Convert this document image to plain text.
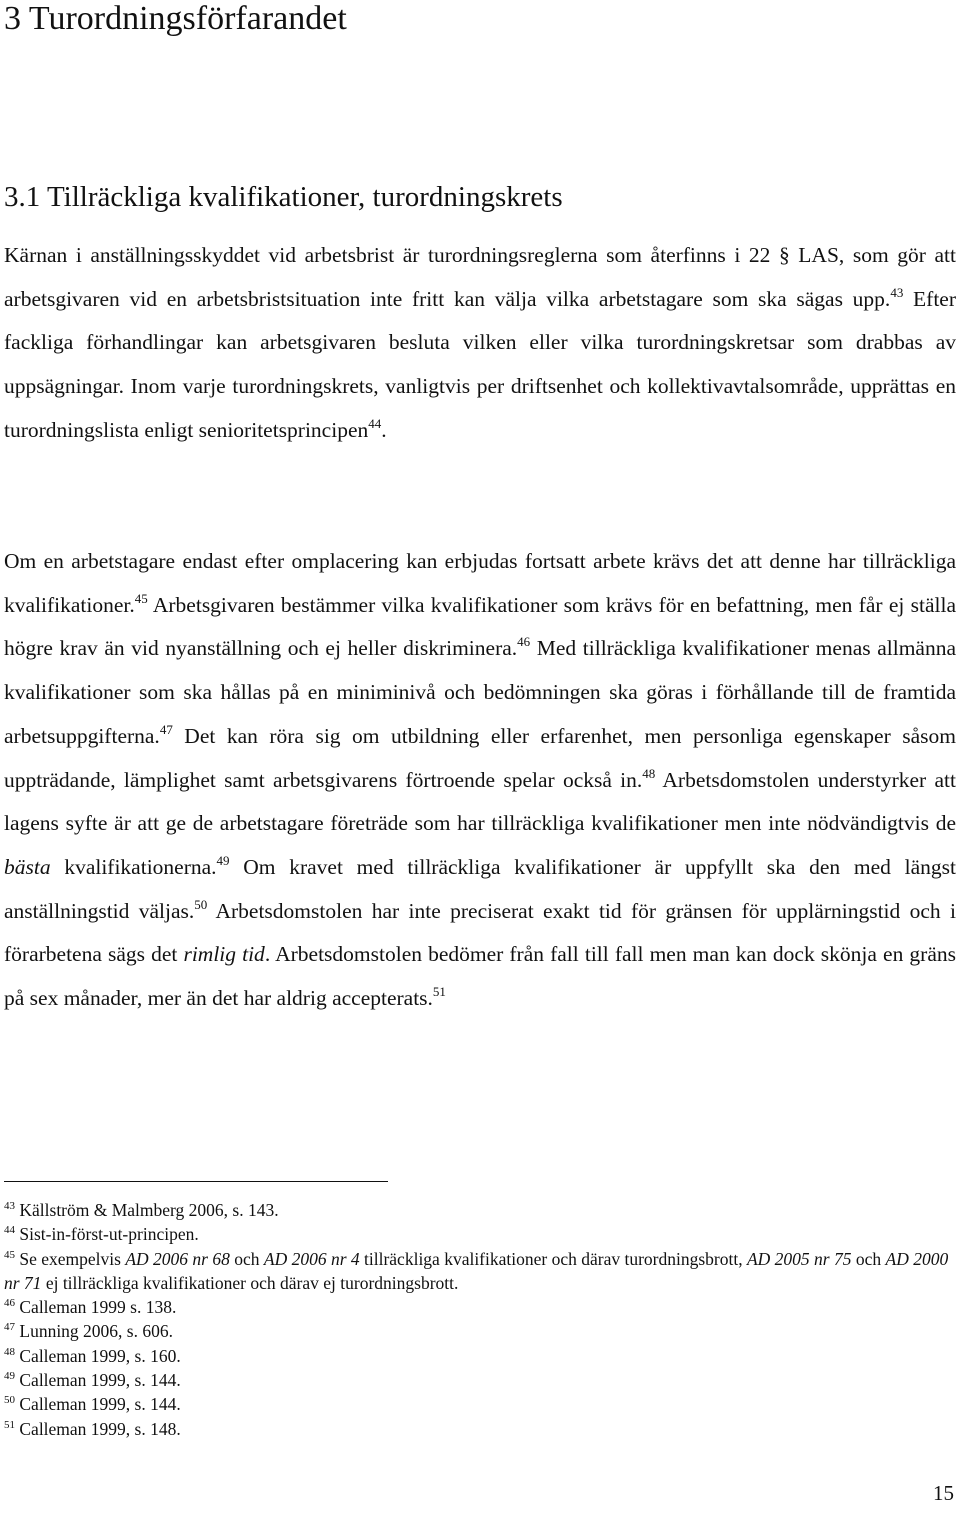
3 Turordningsförfarandet
3.1 Tillräckliga kvalifikationer, turordningskrets

Kärnan i anställningsskyddet vid arbetsbrist är turordningsreglerna som återfinns i 22 § LAS, som gör att arbetsgivaren vid en arbetsbristsituation inte fritt kan välja vilka arbetstagare som ska sägas upp.$^{43}$ Efter fackliga förhandlingar kan arbetsgivaren besluta vilken eller vilka turordningskretsar som drabbas av uppsägningar. Inom varje turordningskrets, vanligtvis per driftsenhet och kollektivavtalsområde, upprättas en turordningslista enligt senioritetsprincipen$^{44}$.

Om en arbetstagare endast efter omplacering kan erbjudas fortsatt arbete krävs det att denne har tillräckliga kvalifikationer.$^{45}$ Arbetsgivaren bestämmer vilka kvalifikationer som krävs för en befattning, men får ej ställa högre krav än vid nyanställning och ej heller diskriminera.$^{46}$ Med tillräckliga kvalifikationer menas allmänna kvalifikationer som ska hållas på en miniminivå och bedömningen ska göras i förhållande till de framtida arbetsuppgifterna.$^{47}$ Det kan röra sig om utbildning eller erfarenhet, men personliga egenskaper såsom uppträdande, lämplighet samt arbetsgivarens förtroende spelar också in.$^{48}$ Arbetsdomstolen understyrker att lagens syfte är att ge de arbetstagare företräde som har tillräckliga kvalifikationer men inte nödvändigtvis de bästa kvalifikationerna.$^{49}$ Om kravet med tillräckliga kvalifikationer är uppfyllt ska den med längst anställningstid väljas.$^{50}$ Arbetsdomstolen har inte preciserat exakt tid för gränsen för upplärningstid och i förarbetena sägs det rimlig tid. Arbetsdomstolen bedömer från fall till fall men man kan dock skönja en gräns på sex månader, mer än det har aldrig accepterats.$^{51}$

$^{43}$ Källström & Malmberg 2006, s. 143.
$^{44}$ Sist-in-först-ut-principen.
$^{45}$ Se exempelvis AD 2006 nr 68 och AD 2006 nr 4 tillräckliga kvalifikationer och därav turordningsbrott, AD 2005 nr 75 och AD 2000 nr 71 ej tillräckliga kvalifikationer och därav ej turordningsbrott.
$^{46}$ Calleman 1999 s. 138.
$^{47}$ Lunning 2006, s. 606.
$^{48}$ Calleman 1999, s. 160.
$^{49}$ Calleman 1999, s. 144.
$^{50}$ Calleman 1999, s. 144.
$^{51}$ Calleman 1999, s. 148.
15
